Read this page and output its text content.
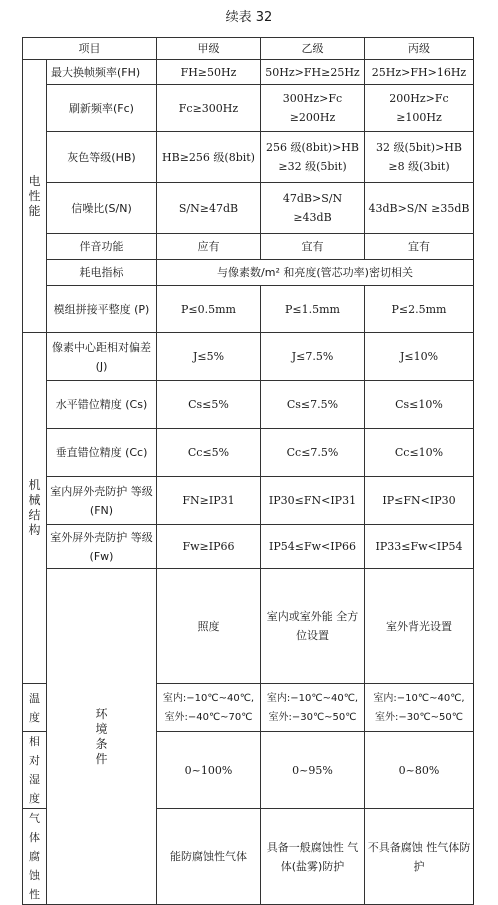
续表 32
项目		甲级	乙级	丙级	
电性能	最大换帧频率(FH)	FH≥50Hz	50Hz>FH≥25Hz	25Hz>FH>16Hz	
	刷新频率(Fc)	Fc≥300Hz	300Hz>Fc ≥200Hz	200Hz>Fc ≥100Hz	
	灰色等级(HB)	HB≥256 级(8bit)	256 级(8bit)>HB ≥32 级(5bit)	32 级(5bit)>HB ≥8 级(3bit)	
	信噪比(S/N)	S/N≥47dB	47dB>S/N ≥43dB	43dB>S/N ≥35dB	
	伴音功能	应有	宜有	宜有	
	耗电指标	与像素数/m² 和亮度(管芯功率)密切相关			
	模组拼接平整度 (P)	P≤0.5mm	P≤1.5mm	P≤2.5mm	
机械结构	像素中心距相对偏差(J)	J≤5%	J≤7.5%	J≤10%	
	水平错位精度 (Cs)	Cs≤5%	Cs≤7.5%	Cs≤10%	
	垂直错位精度 (Cc)	Cc≤5%	Cc≤7.5%	Cc≤10%	
	室内屏外壳防护 等级(FN)	FN≥IP31	IP30≤FN<IP31	IP≤FN<IP30	
	室外屏外壳防护 等级(Fw)	Fw≥IP66	IP54≤Fw<IP66	IP33≤Fw<IP54	
	环境条件	照度	室内或室外能 全方位设置	室外背光设置	
温度		室内:−10℃~40℃, 室外:−40℃~70℃	室内:−10℃~40℃, 室外:−30℃~50℃	室内:−10℃~40℃, 室外:−30℃~50℃	
相对湿度		0~100%	0~95%	0~80%	
气体腐蚀性		能防腐蚀性气体	具备一般腐蚀性 气体(盐雾)防护	不具备腐蚀 性气体防护	
